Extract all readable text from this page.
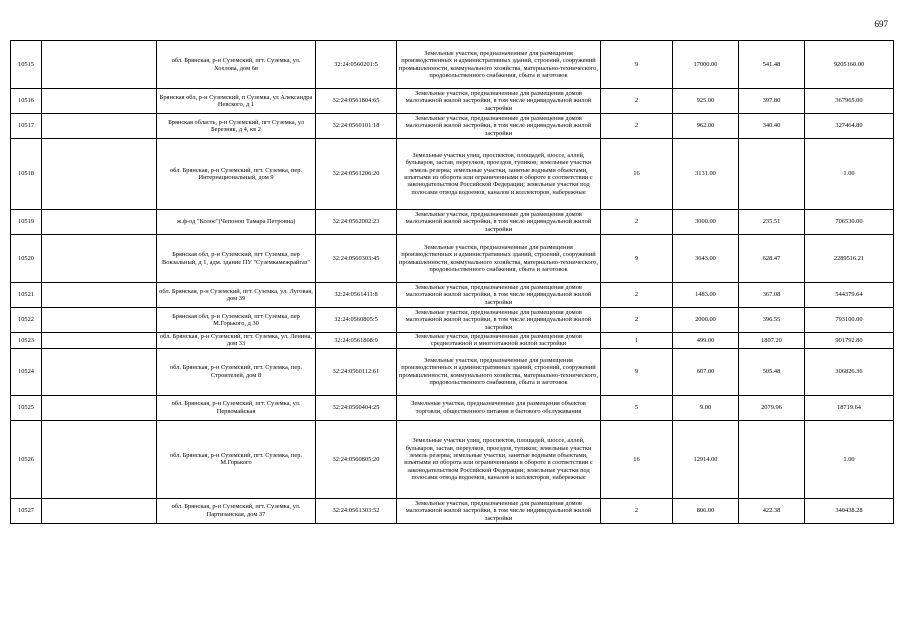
697
10515		обл. Брянская, р-н Суземский, пгт. Суземка, ул. Хохлова, дом 6в	32:24:0560201:5	Земельные участки, предназначенные для размещения производственных и административных зданий, строений, сооружений промышленности, коммунального хозяйства, материально-технического, продовольственного снабжения, сбыта и заготовок	9	17000.00	541.48	9205160.00
10516		Брянская обл, р-н Суземский, п Суземка, ул Александра Невского, д 1	32:24:0561804:65	Земельные участки, предназначенные для размещения домов малоэтажной жилой застройки, в том числе индивидуальной жилой застройки	2	925.00	397.80	367965.00
10517		Брянская область, р-н Суземский, пгт Суземка, ул Березняк, д 4, кв 2	32:24:0560101:18	Земельные участки, предназначенные для размещения домов малоэтажной жилой застройки, в том числе индивидуальной жилой застройки	2	962.00	340.40	327464.80
10518		обл. Брянская, р-н Суземский, пгт. Суземка, пер. Интернациональный, дом 9	32:24:0561206:20	Земельные участки улиц, проспектов, площадей, шоссе, аллей, бульваров, застав, переулков, проездов, тупиков; земельные участки земель резерва; земельные участки, занятые водными объектами, изъятыми из оборота или ограниченными в обороте в соответствии с законодательством Российской Федерации; земельные участки под полосами отвода водоемов, каналов и коллекторов, набережные	16	3131.00		1.00
10519		ж.ф-од "Колос"(Чепоноп Тамара Петровна)	32:24:0562002:23	Земельные участки, предназначенные для размещения домов малоэтажной жилой застройки, в том числе индивидуальной жилой застройки	2	3000.00	235.51	706530.00
10520		Брянская обл, р-н Суземский, пгт Суземка, пер Вокзальный, д 1, адм. здание ПУ "Суземкамежрайгаз"	32:24:0560303:45	Земельные участки, предназначенные для размещения производственных и административных зданий, строений, сооружений промышленности, коммунального хозяйства, материально-технического, продовольственного снабжения, сбыта и заготовок	9	3643.00	628.47	2289516.21
10521		обл. Брянская, р-н Суземский, пгт. Суземка, ул. Луговая, дом 39	32:24:0561411:8	Земельные участки, предназначенные для размещения домов малоэтажной жилой застройки, в том числе индивидуальной жилой застройки	2	1483.00	367.08	544379.64
10522		Брянская обл, р-н Суземский, пгт Суземка, пер М.Горького, д 30	32:24:0560805:5	Земельные участки, предназначенные для размещения домов малоэтажной жилой застройки, в том числе индивидуальной жилой застройки	2	2000.00	396.55	793100.00
10523		обл. Брянская, р-н Суземский, пгт. Суземка, ул. Ленина, дом 33	32:24:0561808:9	Земельные участки, предназначенные для размещения домов среднеэтажной и многоэтажной жилой застройки	1	499.00	1807.20	901792.80
10524		обл. Брянская, р-н Суземский, пгт. Суземка, пер. Строителей, дом 8	32:24:0560112:61	Земельные участки, предназначенные для размещения производственных и административных зданий, строений, сооружений промышленности, коммунального хозяйства, материально-технического, продовольственного снабжения, сбыта и заготовок	9	607.00	505.48	306826.36
10525		обл. Брянская, р-н Суземский, пгт. Суземка, ул. Первомайская	32:24:0560404:25	Земельные участки, предназначенные для размещения объектов торговли, общественного питания и бытового обслуживания	5	9.00	2079.96	18719.64
10526		обл. Брянская, р-н Суземский, пгт. Суземка, пер. М.Горького	32:24:0560805:20	Земельные участки улиц, проспектов, площадей, шоссе, аллей, бульваров, застав, переулков, проездов, тупиков; земельные участки земель резерва; земельные участки, занятые водными объектами, изъятыми из оборота или ограниченными в обороте в соответствии с законодательством Российской Федерации; земельные участки под полосами отвода водоемов, каналов и коллекторов, набережные	16	12914.00		1.00
10527		обл. Брянская, р-н Суземский, пгт. Суземка, ул. Партизанская, дом 37	32:24:0561303:52	Земельные участки, предназначенные для размещения домов малоэтажной жилой застройки, в том числе индивидуальной жилой застройки	2	806.00	422.38	340438.28
